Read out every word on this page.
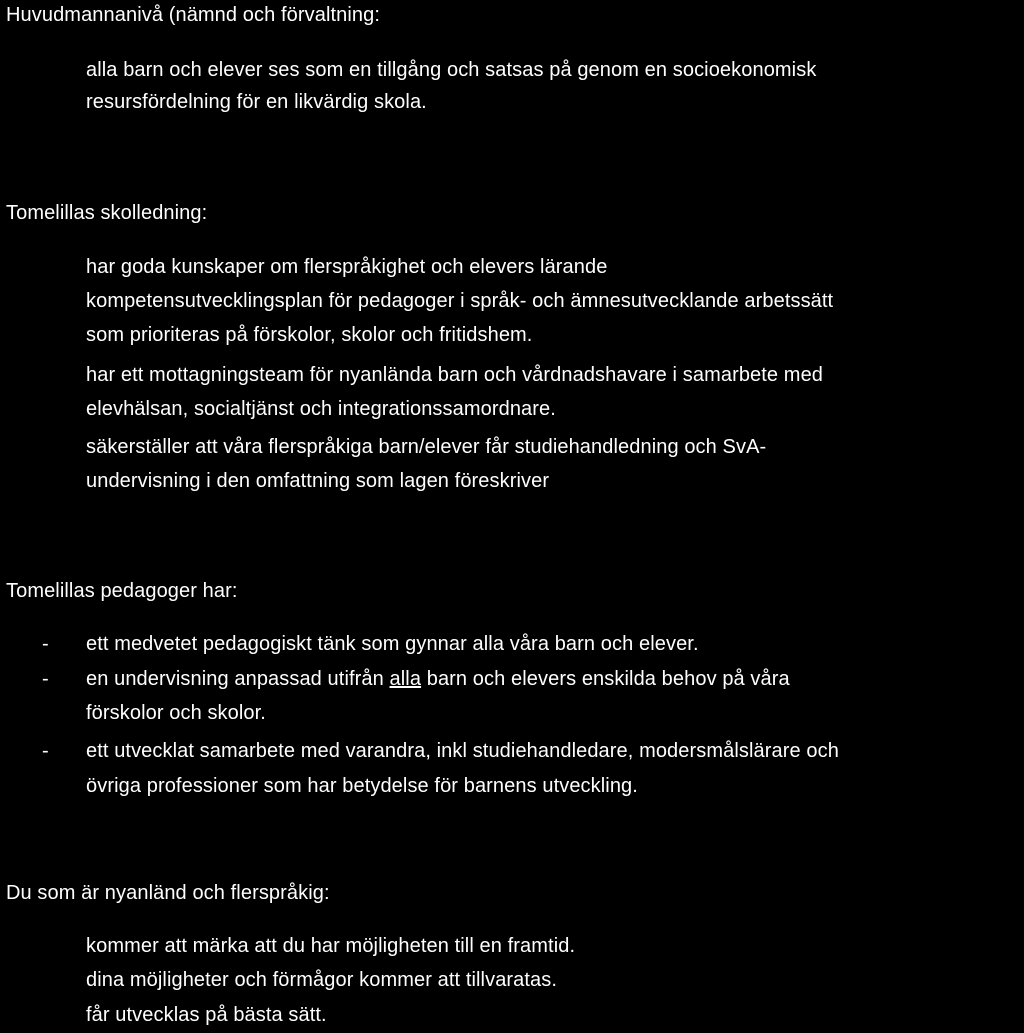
Huvudmannanivå (nämnd och förvaltning:
alla barn och elever ses som en tillgång och satsas på genom en socioekonomisk
resursfördelning för en likvärdig skola.
Tomelillas skolledning:
har goda kunskaper om flerspråkighet och elevers lärande
kompetensutvecklingsplan för pedagoger i språk- och ämnesutvecklande arbetssätt
som prioriteras på förskolor, skolor och fritidshem.
har ett mottagningsteam för nyanlända barn och vårdnadshavare i samarbete med
elevhälsan, socialtjänst och integrationssamordnare.
säkerställer att våra flerspråkiga barn/elever får studiehandledning och SvA-
undervisning i den omfattning som lagen föreskriver
Tomelillas pedagoger har:
- ett medvetet pedagogiskt tänk som gynnar alla våra barn och elever.
- en undervisning anpassad utifrån alla barn och elevers enskilda behov på våra
förskolor och skolor.
- ett utvecklat samarbete med varandra, inkl studiehandledare, modersmålslärare och
övriga professioner som har betydelse för barnens utveckling.
Du som är nyanländ och flerspråkig:
kommer att märka att du har möjligheten till en framtid.
dina möjligheter och förmågor kommer att tillvaratas.
får utvecklas på bästa sätt.
